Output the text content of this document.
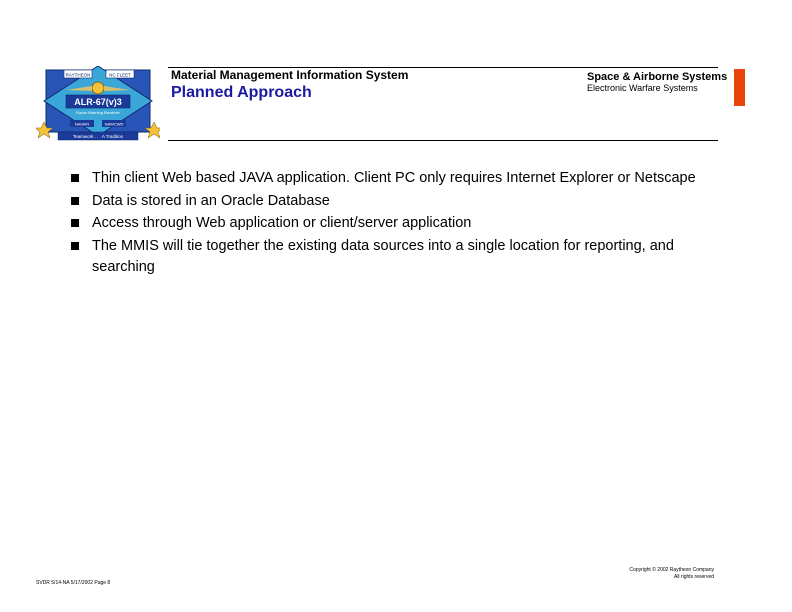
RAYTHEON	NC FLEET
ALR-67(v)3
Radar Warning Receiver
NAVAIR	NAWCWD
Teamwork . . . A Tradition
Material Management Information System
Planned Approach
Space & Airborne Systems
Electronic Warfare Systems
Thin client Web based JAVA application. Client PC only requires Internet Explorer or Netscape
Data is stored in an Oracle Database
Access through Web application or client/server application
The MMIS will tie together the existing data sources into a single location for reporting, and searching
SVDR 5/14-NA 5/17/2002 Page 8
Copyright © 2002 Raytheon Company
All rights reserved
